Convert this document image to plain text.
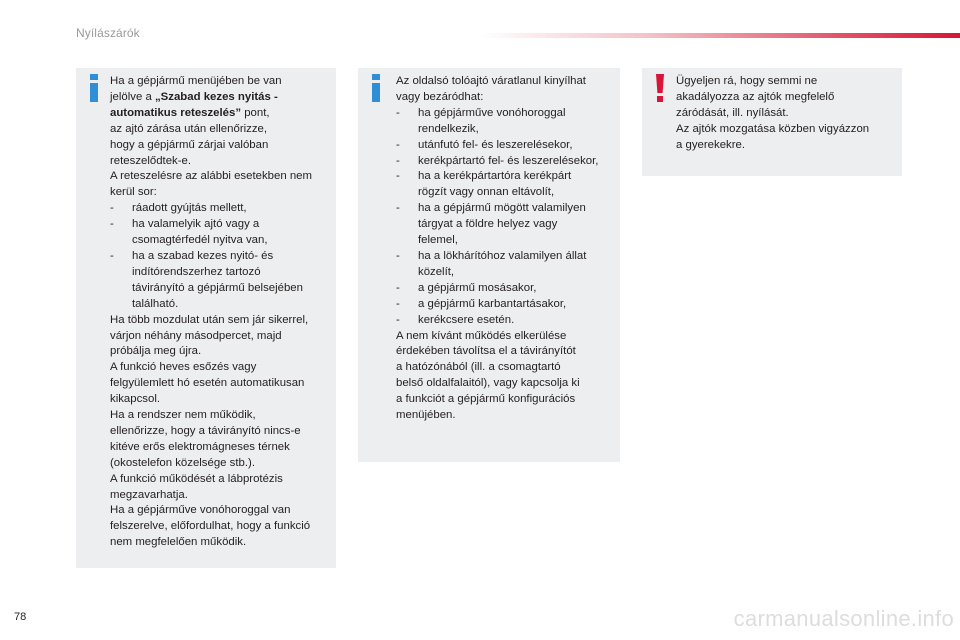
Nyílászárók

Ha a gépjármű menüjében be van

jelölve a „Szabad kezes nyitás -

automatikus reteszelés” pont,

az ajtó zárása után ellenőrizze,

hogy a gépjármű zárjai valóban

reteszelődtek-e.

A reteszelésre az alábbi esetekben nem

kerül sor:

- ráadott gyújtás mellett,
- ha valamelyik ajtó vagy a
csomagtérfedél nyitva van,
- ha a szabad kezes nyitó- és
indítórendszerhez tartozó
távirányító a gépjármű belsejében
található.

Ha több mozdulat után sem jár sikerrel,

várjon néhány másodpercet, majd

próbálja meg újra.

A funkció heves esőzés vagy

felgyülemlett hó esetén automatikusan

kikapcsol.

Ha a rendszer nem működik,

ellenőrizze, hogy a távirányító nincs-e

kitéve erős elektromágneses térnek

(okostelefon közelsége stb.).

A funkció működését a lábprotézis

megzavarhatja.

Ha a gépjárműve vonóhoroggal van

felszerelve, előfordulhat, hogy a funkció

nem megfelelően működik.

Az oldalsó tolóajtó váratlanul kinyílhat

vagy bezáródhat:

- ha gépjárműve vonóhoroggal
rendelkezik,
- utánfutó fel- és leszerelésekor,
- kerékpártartó fel- és leszerelésekor,
- ha a kerékpártartóra kerékpárt
rögzít vagy onnan eltávolít,
- ha a gépjármű mögött valamilyen
tárgyat a földre helyez vagy
felemel,
- ha a lökhárítóhoz valamilyen állat
közelít,
- a gépjármű mosásakor,
- a gépjármű karbantartásakor,
- kerékcsere esetén.

A nem kívánt működés elkerülése

érdekében távolítsa el a távirányítót

a hatózónából (ill. a csomagtartó

belső oldalfalaitól), vagy kapcsolja ki

a funkciót a gépjármű konfigurációs

menüjében.

Ügyeljen rá, hogy semmi ne

akadályozza az ajtók megfelelő

záródását, ill. nyílását.

Az ajtók mozgatása közben vigyázzon

a gyerekekre.

78	carmanualsonline.info
